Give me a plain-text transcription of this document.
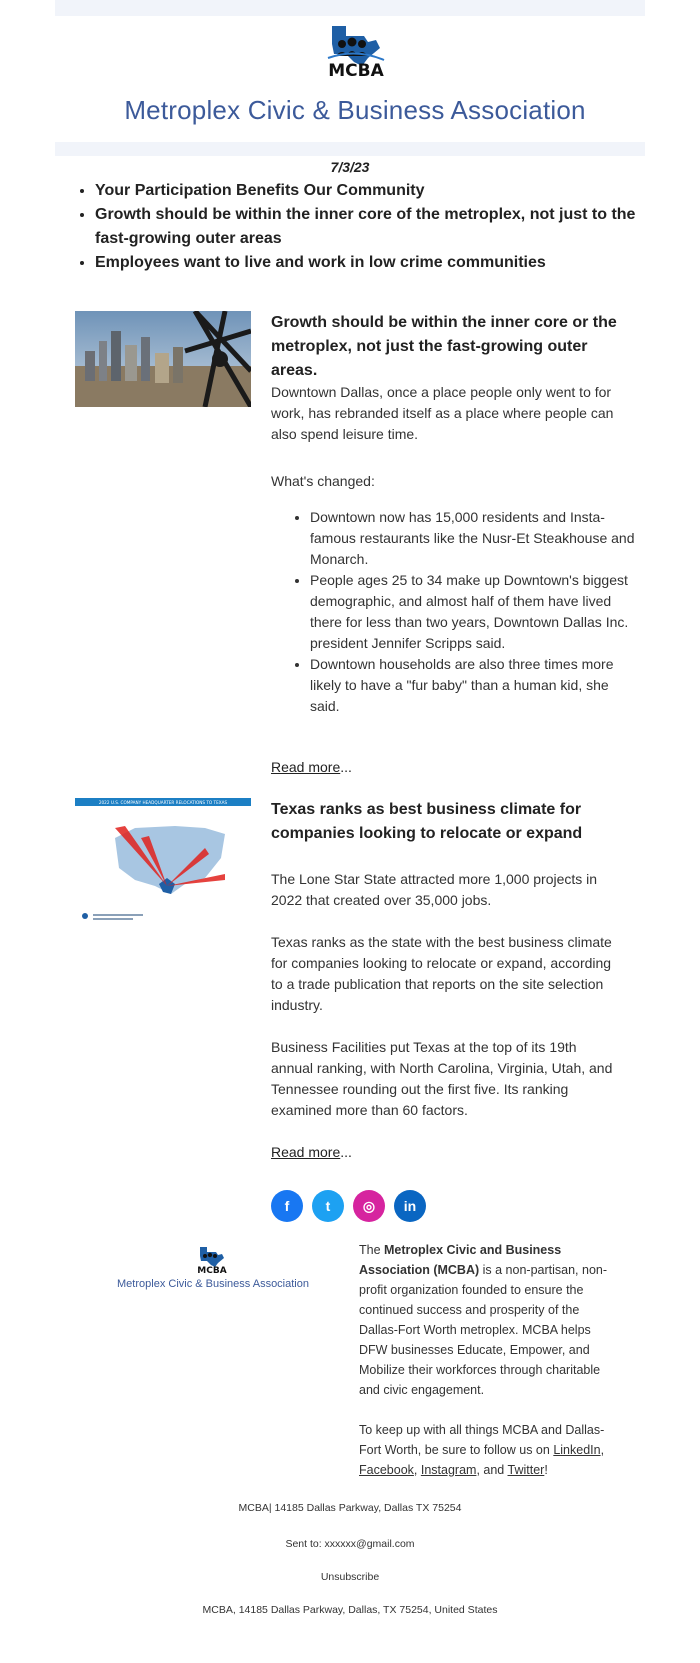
MCBA
Metroplex Civic & Business Association
7/3/23
• Your Participation Benefits Our Community
• Growth should be within the inner core of the metroplex, not just to the fast-growing outer areas
• Employees want to live and work in low crime communities
Growth should be within the inner core or the metroplex, not just the fast-growing outer areas.

Downtown Dallas, once a place people only went to for work, has rebranded itself as a place where people can also spend leisure time.

What's changed:

• Downtown now has 15,000 residents and Insta-famous restaurants like the Nusr-Et Steakhouse and Monarch.
• People ages 25 to 34 make up Downtown's biggest demographic, and almost half of them have lived there for less than two years, Downtown Dallas Inc. president Jennifer Scripps said.
• Downtown households are also three times more likely to have a "fur baby" than a human kid, she said.
Read more...
2022 U.S. COMPANY HEADQUARTER RELOCATIONS TO TEXAS	Texas ranks as best business climate for companies looking to relocate or expand

The Lone Star State attracted more 1,000 projects in 2022 that created over 35,000 jobs.

Texas ranks as the state with the best business climate for companies looking to relocate or expand, according to a trade publication that reports on the site selection industry.

Business Facilities put Texas at the top of its 19th annual ranking, with North Carolina, Virginia, Utah, and Tennessee rounding out the first five. Its ranking examined more than 60 factors.

Read more...
f	t	◎	in
MCBA
Metroplex Civic & Business Association
The Metroplex Civic and Business Association (MCBA) is a non-partisan, non-profit organization founded to ensure the continued success and prosperity of the Dallas-Fort Worth metroplex. MCBA helps DFW businesses Educate, Empower, and Mobilize their workforces through charitable and civic engagement.
To keep up with all things MCBA and Dallas-Fort Worth, be sure to follow us on LinkedIn, Facebook, Instagram, and Twitter!
MCBA| 14185 Dallas Parkway, Dallas TX 75254
Sent to: xxxxxx@gmail.com
Unsubscribe
MCBA, 14185 Dallas Parkway, Dallas, TX 75254, United States
